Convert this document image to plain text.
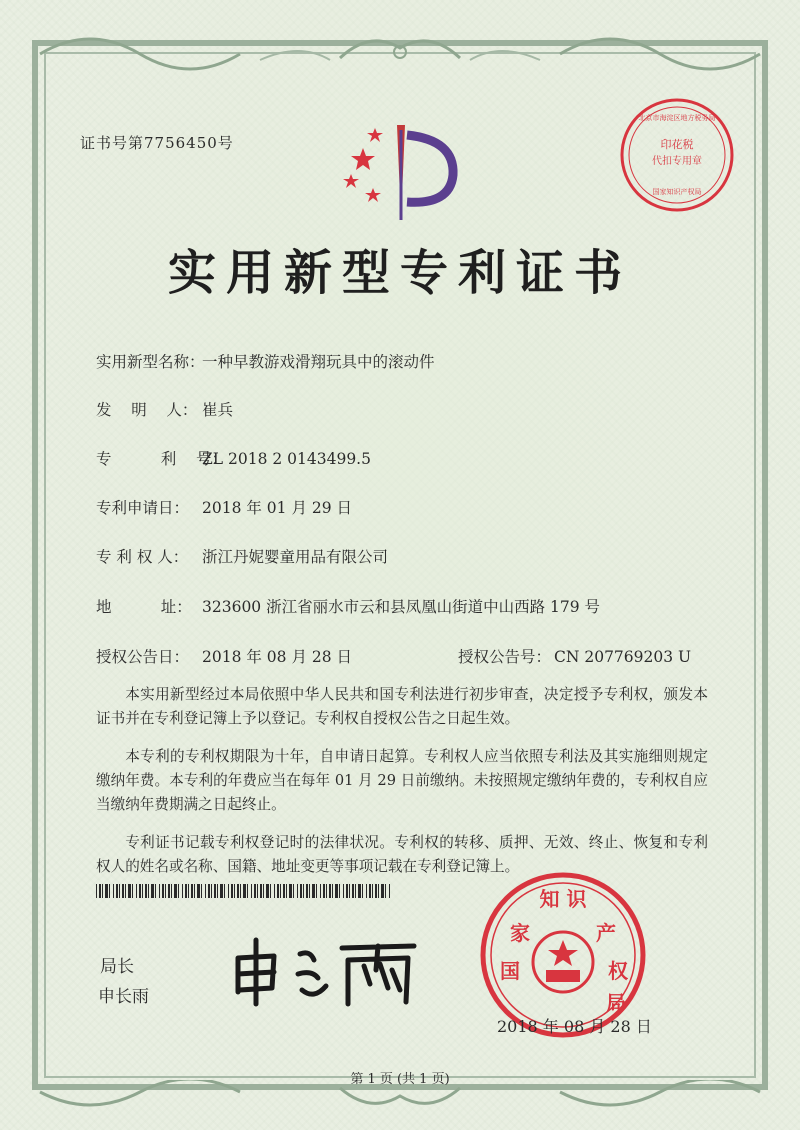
证书号第7756450号	印花税
代扣专用章
北京市海淀区地方税务局
国家知识产权局
实用新型专利证书
实用新型名称：一种早教游戏滑翔玩具中的滚动件
发    明    人： 崔兵
专          利    号：ZL 2018 2 0143499.5
专利申请日： 2018 年 01 月 29 日
专 利 权 人： 浙江丹妮婴童用品有限公司
地          址： 323600 浙江省丽水市云和县凤凰山街道中山西路 179 号
授权公告日： 2018 年 08 月 28 日	授权公告号： CN 207769203 U

本实用新型经过本局依照中华人民共和国专利法进行初步审查，决定授予专利权，颁发本证书并在专利登记簿上予以登记。专利权自授权公告之日起生效。

本专利的专利权期限为十年，自申请日起算。专利权人应当依照专利法及其实施细则规定缴纳年费。本专利的年费应当在每年 01 月 29 日前缴纳。未按照规定缴纳年费的，专利权自应当缴纳年费期满之日起终止。

专利证书记载专利权登记时的法律状况。专利权的转移、质押、无效、终止、恢复和专利权人的姓名或名称、国籍、地址变更等事项记载在专利登记簿上。

局长
申长雨
知 识
家	产
国	权
局
2018 年 08 月 28 日
第 1 页 (共 1 页)
